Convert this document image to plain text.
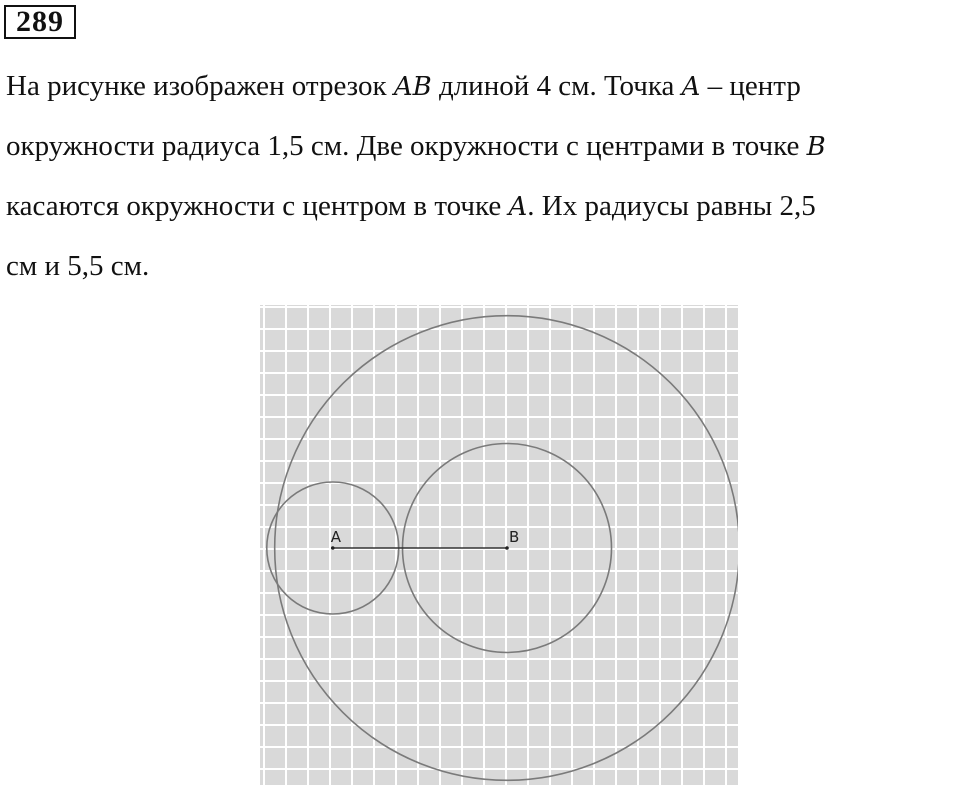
289
На рисунке изображен отрезок AB длиной 4 см. Точка A – центр
окружности радиуса 1,5 см. Две окружности с центрами в точке B
касаются окружности с центром в точке A. Их радиусы равны 2,5
см и 5,5 см.
A	B
